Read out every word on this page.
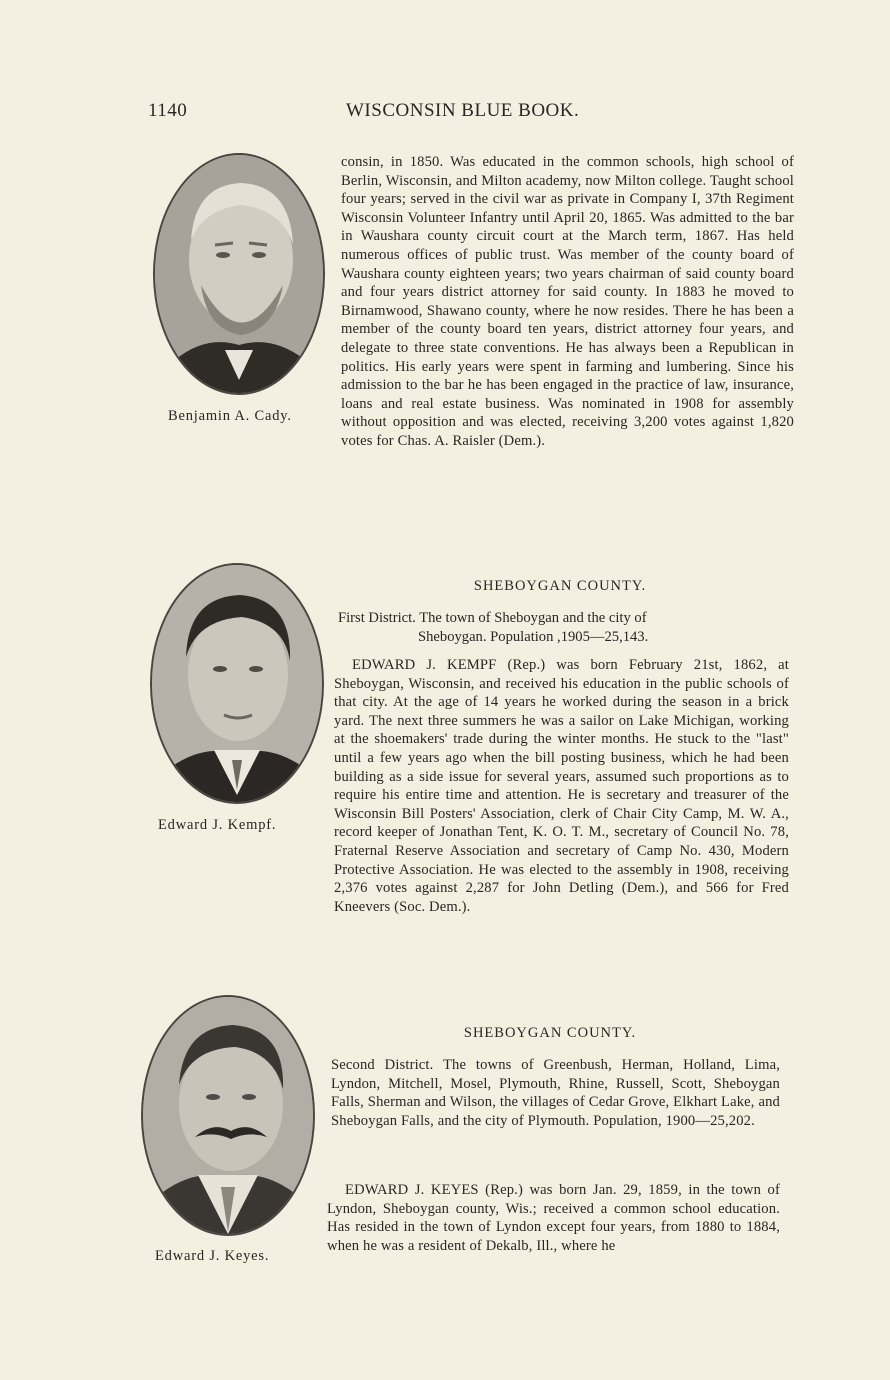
1140	WISCONSIN BLUE BOOK.
Benjamin A. Cady.
consin, in 1850. Was educated in the common schools, high school of Berlin, Wisconsin, and Milton academy, now Milton college. Taught school four years; served in the civil war as private in Company I, 37th Regiment Wisconsin Volunteer Infantry until April 20, 1865. Was admitted to the bar in Waushara county circuit court at the March term, 1867. Has held numerous offices of public trust. Was member of the county board of Waushara county eighteen years; two years chairman of said county board and four years district attorney for said county. In 1883 he moved to Birnamwood, Shawano county, where he now resides. There he has been a member of the county board ten years, district attorney four years, and delegate to three state conventions. He has always been a Republican in politics. His early years were spent in farming and lumbering. Since his admission to the bar he has been engaged in the practice of law, insurance, loans and real estate business. Was nominated in 1908 for assembly without opposition and was elected, receiving 3,200 votes against 1,820 votes for Chas. A. Raisler (Dem.).
SHEBOYGAN COUNTY.
First District. The town of Sheboygan and the city of
Sheboygan. Population ,1905—25,143.
Edward J. Kempf.
EDWARD J. KEMPF (Rep.) was born February 21st, 1862, at Sheboygan, Wisconsin, and received his education in the public schools of that city. At the age of 14 years he worked during the season in a brick yard. The next three summers he was a sailor on Lake Michigan, working at the shoemakers' trade during the winter months. He stuck to the "last" until a few years ago when the bill posting business, which he had been building as a side issue for several years, assumed such proportions as to require his entire time and attention. He is secretary and treasurer of the Wisconsin Bill Posters' Association, clerk of Chair City Camp, M. W. A., record keeper of Jonathan Tent, K. O. T. M., secretary of Council No. 78, Fraternal Reserve Association and secretary of Camp No. 430, Modern Protective Association. He was elected to the assembly in 1908, receiving 2,376 votes against 2,287 for John Detling (Dem.), and 566 for Fred Kneevers (Soc. Dem.).
SHEBOYGAN COUNTY.
Second District. The towns of Greenbush, Herman, Holland, Lima, Lyndon, Mitchell, Mosel, Plymouth, Rhine, Russell, Scott, Sheboygan Falls, Sherman and Wilson, the villages of Cedar Grove, Elkhart Lake, and Sheboygan Falls, and the city of Plymouth. Population, 1900—25,202.
Edward J. Keyes.
EDWARD J. KEYES (Rep.) was born Jan. 29, 1859, in the town of Lyndon, Sheboygan county, Wis.; received a common school education. Has resided in the town of Lyndon except four years, from 1880 to 1884, when he was a resident of Dekalb, Ill., where he
